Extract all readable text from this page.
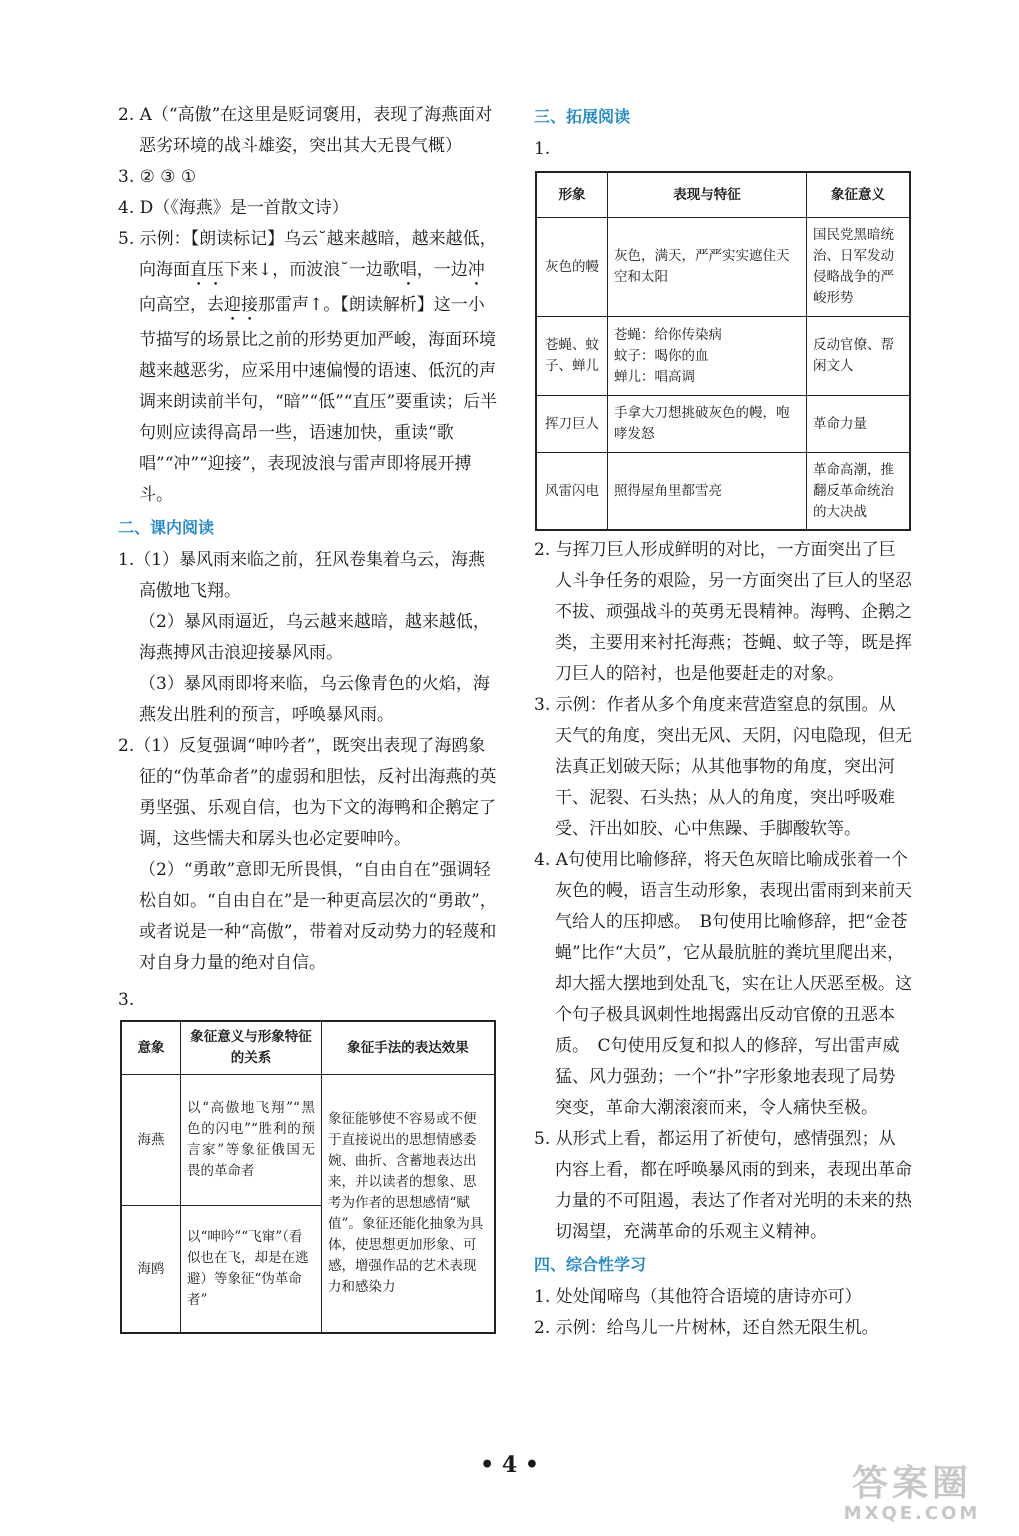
2. A（“高傲”在这里是贬词褒用，表现了海燕面对恶劣环境的战斗雄姿，突出其大无畏气概）

3. ② ③ ①

4. D（《海燕》是一首散文诗）

5. 示例：【朗读标记】乌云˘越来越暗，越来越低，向海面直压下来↓，而波浪˘一边歌唱，一边冲向高空，去迎接那雷声↑。【朗读解析】这一小节描写的场景比之前的形势更加严峻，海面环境越来越恶劣，应采用中速偏慢的语速、低沉的声调来朗读前半句，“暗”“低”“直压”要重读；后半句则应读得高昂一些，语速加快，重读“歌唱”“冲”“迎接”，表现波浪与雷声即将展开搏斗。

二、课内阅读

1.（1）暴风雨来临之前，狂风卷集着乌云，海燕高傲地飞翔。

（2）暴风雨逼近，乌云越来越暗，越来越低，海燕搏风击浪迎接暴风雨。

（3）暴风雨即将来临，乌云像青色的火焰，海燕发出胜利的预言，呼唤暴风雨。

2.（1）反复强调“呻吟者”，既突出表现了海鸥象征的“伪革命者”的虚弱和胆怯，反衬出海燕的英勇坚强、乐观自信，也为下文的海鸭和企鹅定了调，这些懦夫和孱头也必定要呻吟。

（2）“勇敢”意即无所畏惧，“自由自在”强调轻松自如。“自由自在”是一种更高层次的“勇敢”，或者说是一种“高傲”，带着对反动势力的轻蔑和对自身力量的绝对自信。

3.

意象	象征意义与形象特征的关系	象征手法的表达效果
海燕	以“高傲地飞翔”“黑色的闪电”“胜利的预言家”等象征俄国无畏的革命者	象征能够使不容易或不便于直接说出的思想情感委婉、曲折、含蓄地表达出来，并以读者的想象、思考为作者的思想感情“赋值”。象征还能化抽象为具体，使思想更加形象、可感，增强作品的艺术表现力和感染力
海鸥	以“呻吟”“飞窜”（看似也在飞，却是在逃避）等象征“伪革命者”	
三、拓展阅读

1.

形象	表现与特征	象征意义
灰色的幔	灰色，满天，严严实实遮住天空和太阳	国民党黑暗统治、日军发动侵略战争的严峻形势
苍蝇、蚊子、蝉儿	苍蝇：给你传染病
蚊子：喝你的血
蝉儿：唱高调	反动官僚、帮闲文人
挥刀巨人	手拿大刀想挑破灰色的幔，咆哮发怒	革命力量
风雷闪电	照得屋角里都雪亮	革命高潮，推翻反革命统治的大决战

2. 与挥刀巨人形成鲜明的对比，一方面突出了巨人斗争任务的艰险，另一方面突出了巨人的坚忍不拔、顽强战斗的英勇无畏精神。海鸭、企鹅之类，主要用来衬托海燕；苍蝇、蚊子等，既是挥刀巨人的陪衬，也是他要赶走的对象。

3. 示例：作者从多个角度来营造窒息的氛围。从天气的角度，突出无风、天阴，闪电隐现，但无法真正划破天际；从其他事物的角度，突出河干、泥裂、石头热；从人的角度，突出呼吸难受、汗出如胶、心中焦躁、手脚酸软等。

4. A句使用比喻修辞，将天色灰暗比喻成张着一个灰色的幔，语言生动形象，表现出雷雨到来前天气给人的压抑感。　B句使用比喻修辞，把“金苍蝇”比作“大员”，它从最肮脏的粪坑里爬出来，却大摇大摆地到处乱飞，实在让人厌恶至极。这个句子极具讽刺性地揭露出反动官僚的丑恶本质。　C句使用反复和拟人的修辞，写出雷声威猛、风力强劲；一个“扑”字形象地表现了局势突变，革命大潮滚滚而来，令人痛快至极。

5. 从形式上看，都运用了祈使句，感情强烈；从内容上看，都在呼唤暴风雨的到来，表现出革命力量的不可阻遏，表达了作者对光明的未来的热切渴望，充满革命的乐观主义精神。

四、综合性学习

1. 处处闻啼鸟（其他符合语境的唐诗亦可）

2. 示例：给鸟儿一片树林，还自然无限生机。

• 4 •	答案圈
MXQE.COM
